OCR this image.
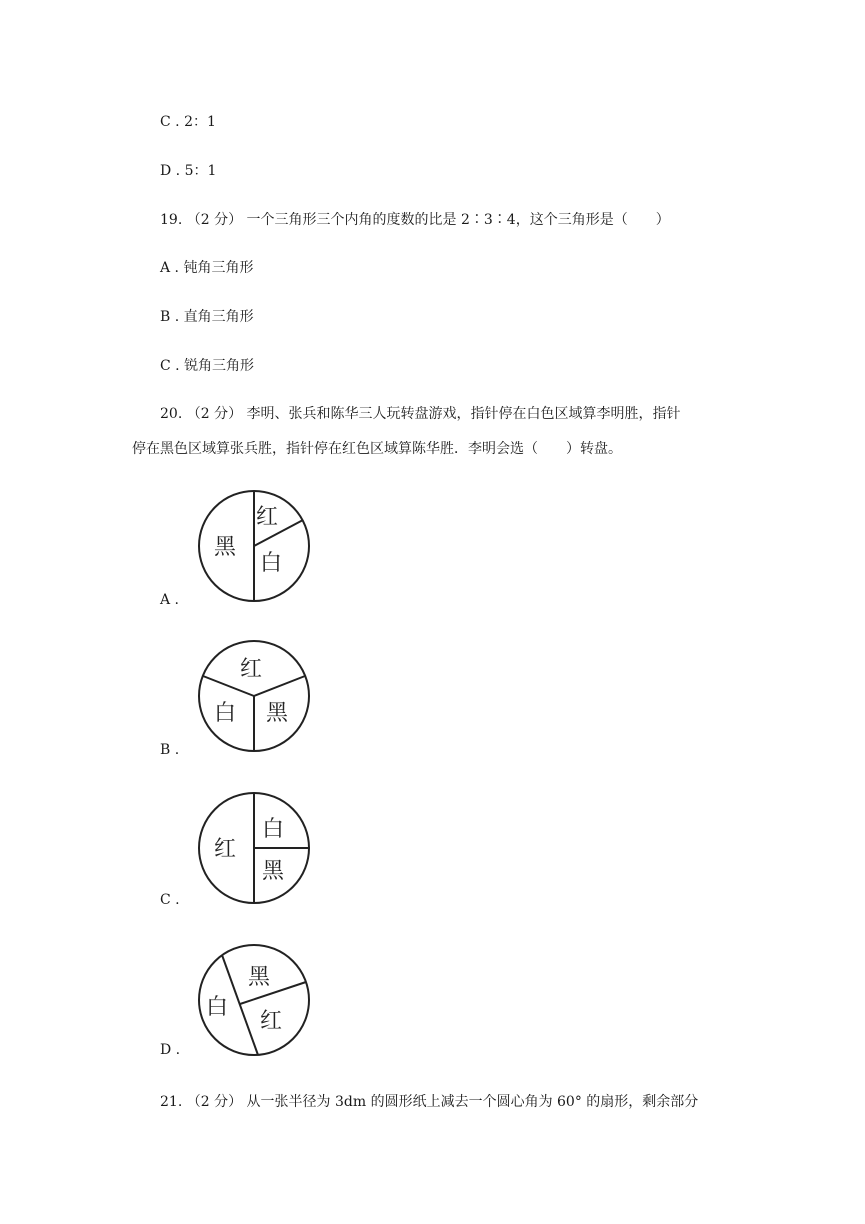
C . 2：1
D . 5：1
19. （2 分） 一个三角形三个内角的度数的比是 2∶3∶4，这个三角形是（　　）
A . 钝角三角形
B . 直角三角形
C . 锐角三角形
20. （2 分） 李明、张兵和陈华三人玩转盘游戏，指针停在白色区域算李明胜，指针
停在黑色区域算张兵胜，指针停在红色区域算陈华胜．李明会选（　　）转盘。
黑
红
白
A .
红
白 黑
B .
红
白
黑
C .
白
黑
红
D .
21. （2 分） 从一张半径为 3dm 的圆形纸上减去一个圆心角为 60° 的扇形，剩余部分
